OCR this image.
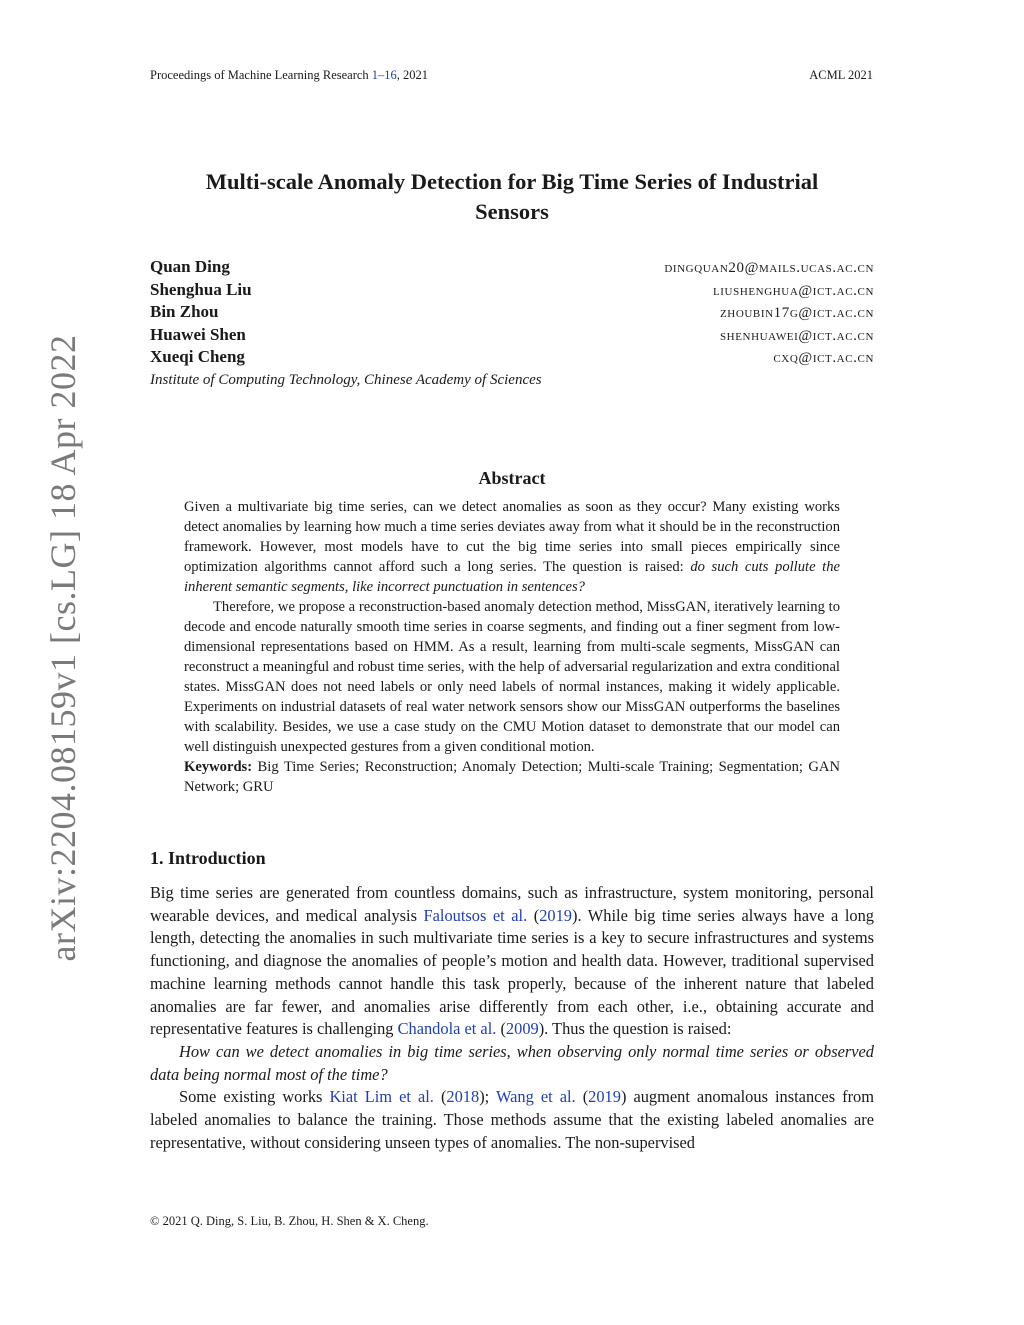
Proceedings of Machine Learning Research 1–16, 2021	ACML 2021
arXiv:2204.08159v1 [cs.LG] 18 Apr 2022
Multi-scale Anomaly Detection for Big Time Series of Industrial
Sensors
Quan Ding	dingquan20@mails.ucas.ac.cn
Shenghua Liu	liushenghua@ict.ac.cn
Bin Zhou	zhoubin17g@ict.ac.cn
Huawei Shen	shenhuawei@ict.ac.cn
Xueqi Cheng	cxq@ict.ac.cn
Institute of Computing Technology, Chinese Academy of Sciences
Abstract

Given a multivariate big time series, can we detect anomalies as soon as they occur? Many existing works detect anomalies by learning how much a time series deviates away from what it should be in the reconstruction framework. However, most models have to cut the big time series into small pieces empirically since optimization algorithms cannot afford such a long series. The question is raised: do such cuts pollute the inherent semantic segments, like incorrect punctuation in sentences?

Therefore, we propose a reconstruction-based anomaly detection method, MissGAN, iteratively learning to decode and encode naturally smooth time series in coarse segments, and finding out a finer segment from low-dimensional representations based on HMM. As a result, learning from multi-scale segments, MissGAN can reconstruct a meaningful and robust time series, with the help of adversarial regularization and extra conditional states. MissGAN does not need labels or only need labels of normal instances, making it widely applicable. Experiments on industrial datasets of real water network sensors show our MissGAN outperforms the baselines with scalability. Besides, we use a case study on the CMU Motion dataset to demonstrate that our model can well distinguish unexpected gestures from a given conditional motion.

Keywords: Big Time Series; Reconstruction; Anomaly Detection; Multi-scale Training; Segmentation; GAN Network; GRU

1. Introduction

Big time series are generated from countless domains, such as infrastructure, system monitoring, personal wearable devices, and medical analysis Faloutsos et al. (2019). While big time series always have a long length, detecting the anomalies in such multivariate time series is a key to secure infrastructures and systems functioning, and diagnose the anomalies of people’s motion and health data. However, traditional supervised machine learning methods cannot handle this task properly, because of the inherent nature that labeled anomalies are far fewer, and anomalies arise differently from each other, i.e., obtaining accurate and representative features is challenging Chandola et al. (2009). Thus the question is raised:

How can we detect anomalies in big time series, when observing only normal time series or observed data being normal most of the time?

Some existing works Kiat Lim et al. (2018); Wang et al. (2019) augment anomalous instances from labeled anomalies to balance the training. Those methods assume that the existing labeled anomalies are representative, without considering unseen types of anomalies. The non-supervised

© 2021 Q. Ding, S. Liu, B. Zhou, H. Shen & X. Cheng.
